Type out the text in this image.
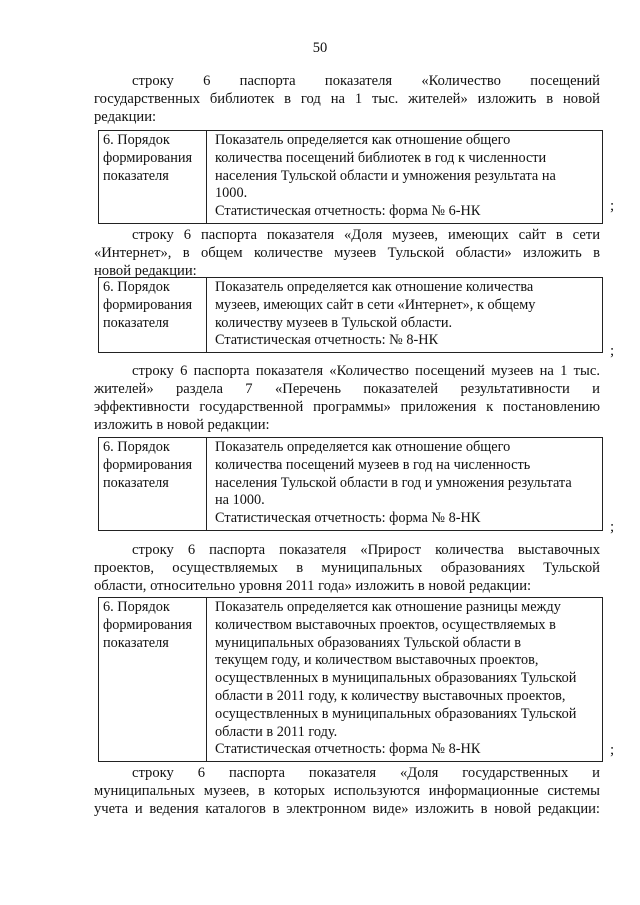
50
строку 6 паспорта показателя «Количество посещений
государственных библиотек в год на 1 тыс. жителей» изложить в новой
редакции:
6. Порядок
формирования
показателя
Показатель определяется как отношение общего
количества посещений библиотек в год к численности
населения Тульской области и умножения результата на
1000.
Статистическая отчетность: форма № 6-НК	;
строку 6 паспорта показателя «Доля музеев, имеющих сайт в сети
«Интернет», в общем количестве музеев Тульской области» изложить в
новой редакции:
6. Порядок
формирования
показателя
Показатель определяется как отношение количества
музеев, имеющих сайт в сети «Интернет», к общему
количеству музеев в Тульской области.
Статистическая отчетность: № 8-НК
;
строку 6 паспорта показателя «Количество посещений музеев на 1 тыс.
жителей» раздела 7 «Перечень показателей результативности и
эффективности государственной программы» приложения к постановлению
изложить в новой редакции:
6. Порядок
формирования
показателя
Показатель определяется как отношение общего
количества посещений музеев в год на численность
населения Тульской области в год и умножения результата
на 1000.
Статистическая отчетность: форма № 8-НК
;
строку 6 паспорта показателя «Прирост количества выставочных
проектов, осуществляемых в муниципальных образованиях Тульской
области, относительно уровня 2011 года» изложить в новой редакции:
6. Порядок
формирования
показателя
Показатель определяется как отношение разницы между
количеством выставочных проектов, осуществляемых в
муниципальных образованиях Тульской области в
текущем году, и количеством выставочных проектов,
осуществленных в муниципальных образованиях Тульской
области в 2011 году, к количеству выставочных проектов,
осуществленных в муниципальных образованиях Тульской
области в 2011 году.
Статистическая отчетность: форма № 8-НК	;
строку 6 паспорта показателя «Доля государственных и
муниципальных музеев, в которых используются информационные системы
учета и ведения каталогов в электронном виде» изложить в новой редакции:
